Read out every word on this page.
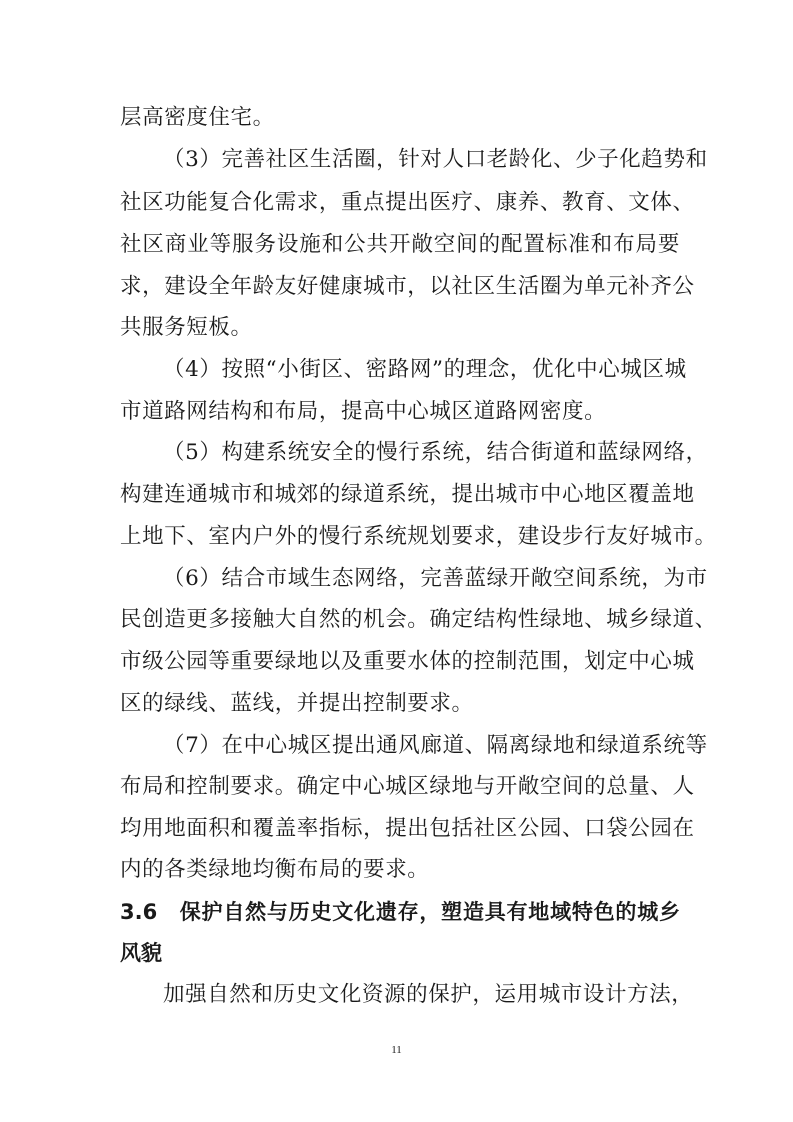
层高密度住宅。
（3）完善社区生活圈，针对人口老龄化、少子化趋势和
社区功能复合化需求，重点提出医疗、康养、教育、文体、
社区商业等服务设施和公共开敞空间的配置标准和布局要
求，建设全年龄友好健康城市，以社区生活圈为单元补齐公
共服务短板。
（4）按照“小街区、密路网”的理念，优化中心城区城
市道路网结构和布局，提高中心城区道路网密度。
（5）构建系统安全的慢行系统，结合街道和蓝绿网络，
构建连通城市和城郊的绿道系统，提出城市中心地区覆盖地
上地下、室内户外的慢行系统规划要求，建设步行友好城市。
（6）结合市域生态网络，完善蓝绿开敞空间系统，为市
民创造更多接触大自然的机会。确定结构性绿地、城乡绿道、
市级公园等重要绿地以及重要水体的控制范围，划定中心城
区的绿线、蓝线，并提出控制要求。
（7）在中心城区提出通风廊道、隔离绿地和绿道系统等
布局和控制要求。确定中心城区绿地与开敞空间的总量、人
均用地面积和覆盖率指标，提出包括社区公园、口袋公园在
内的各类绿地均衡布局的要求。
3.6　保护自然与历史文化遗存，塑造具有地域特色的城乡
风貌
加强自然和历史文化资源的保护，运用城市设计方法，
11
